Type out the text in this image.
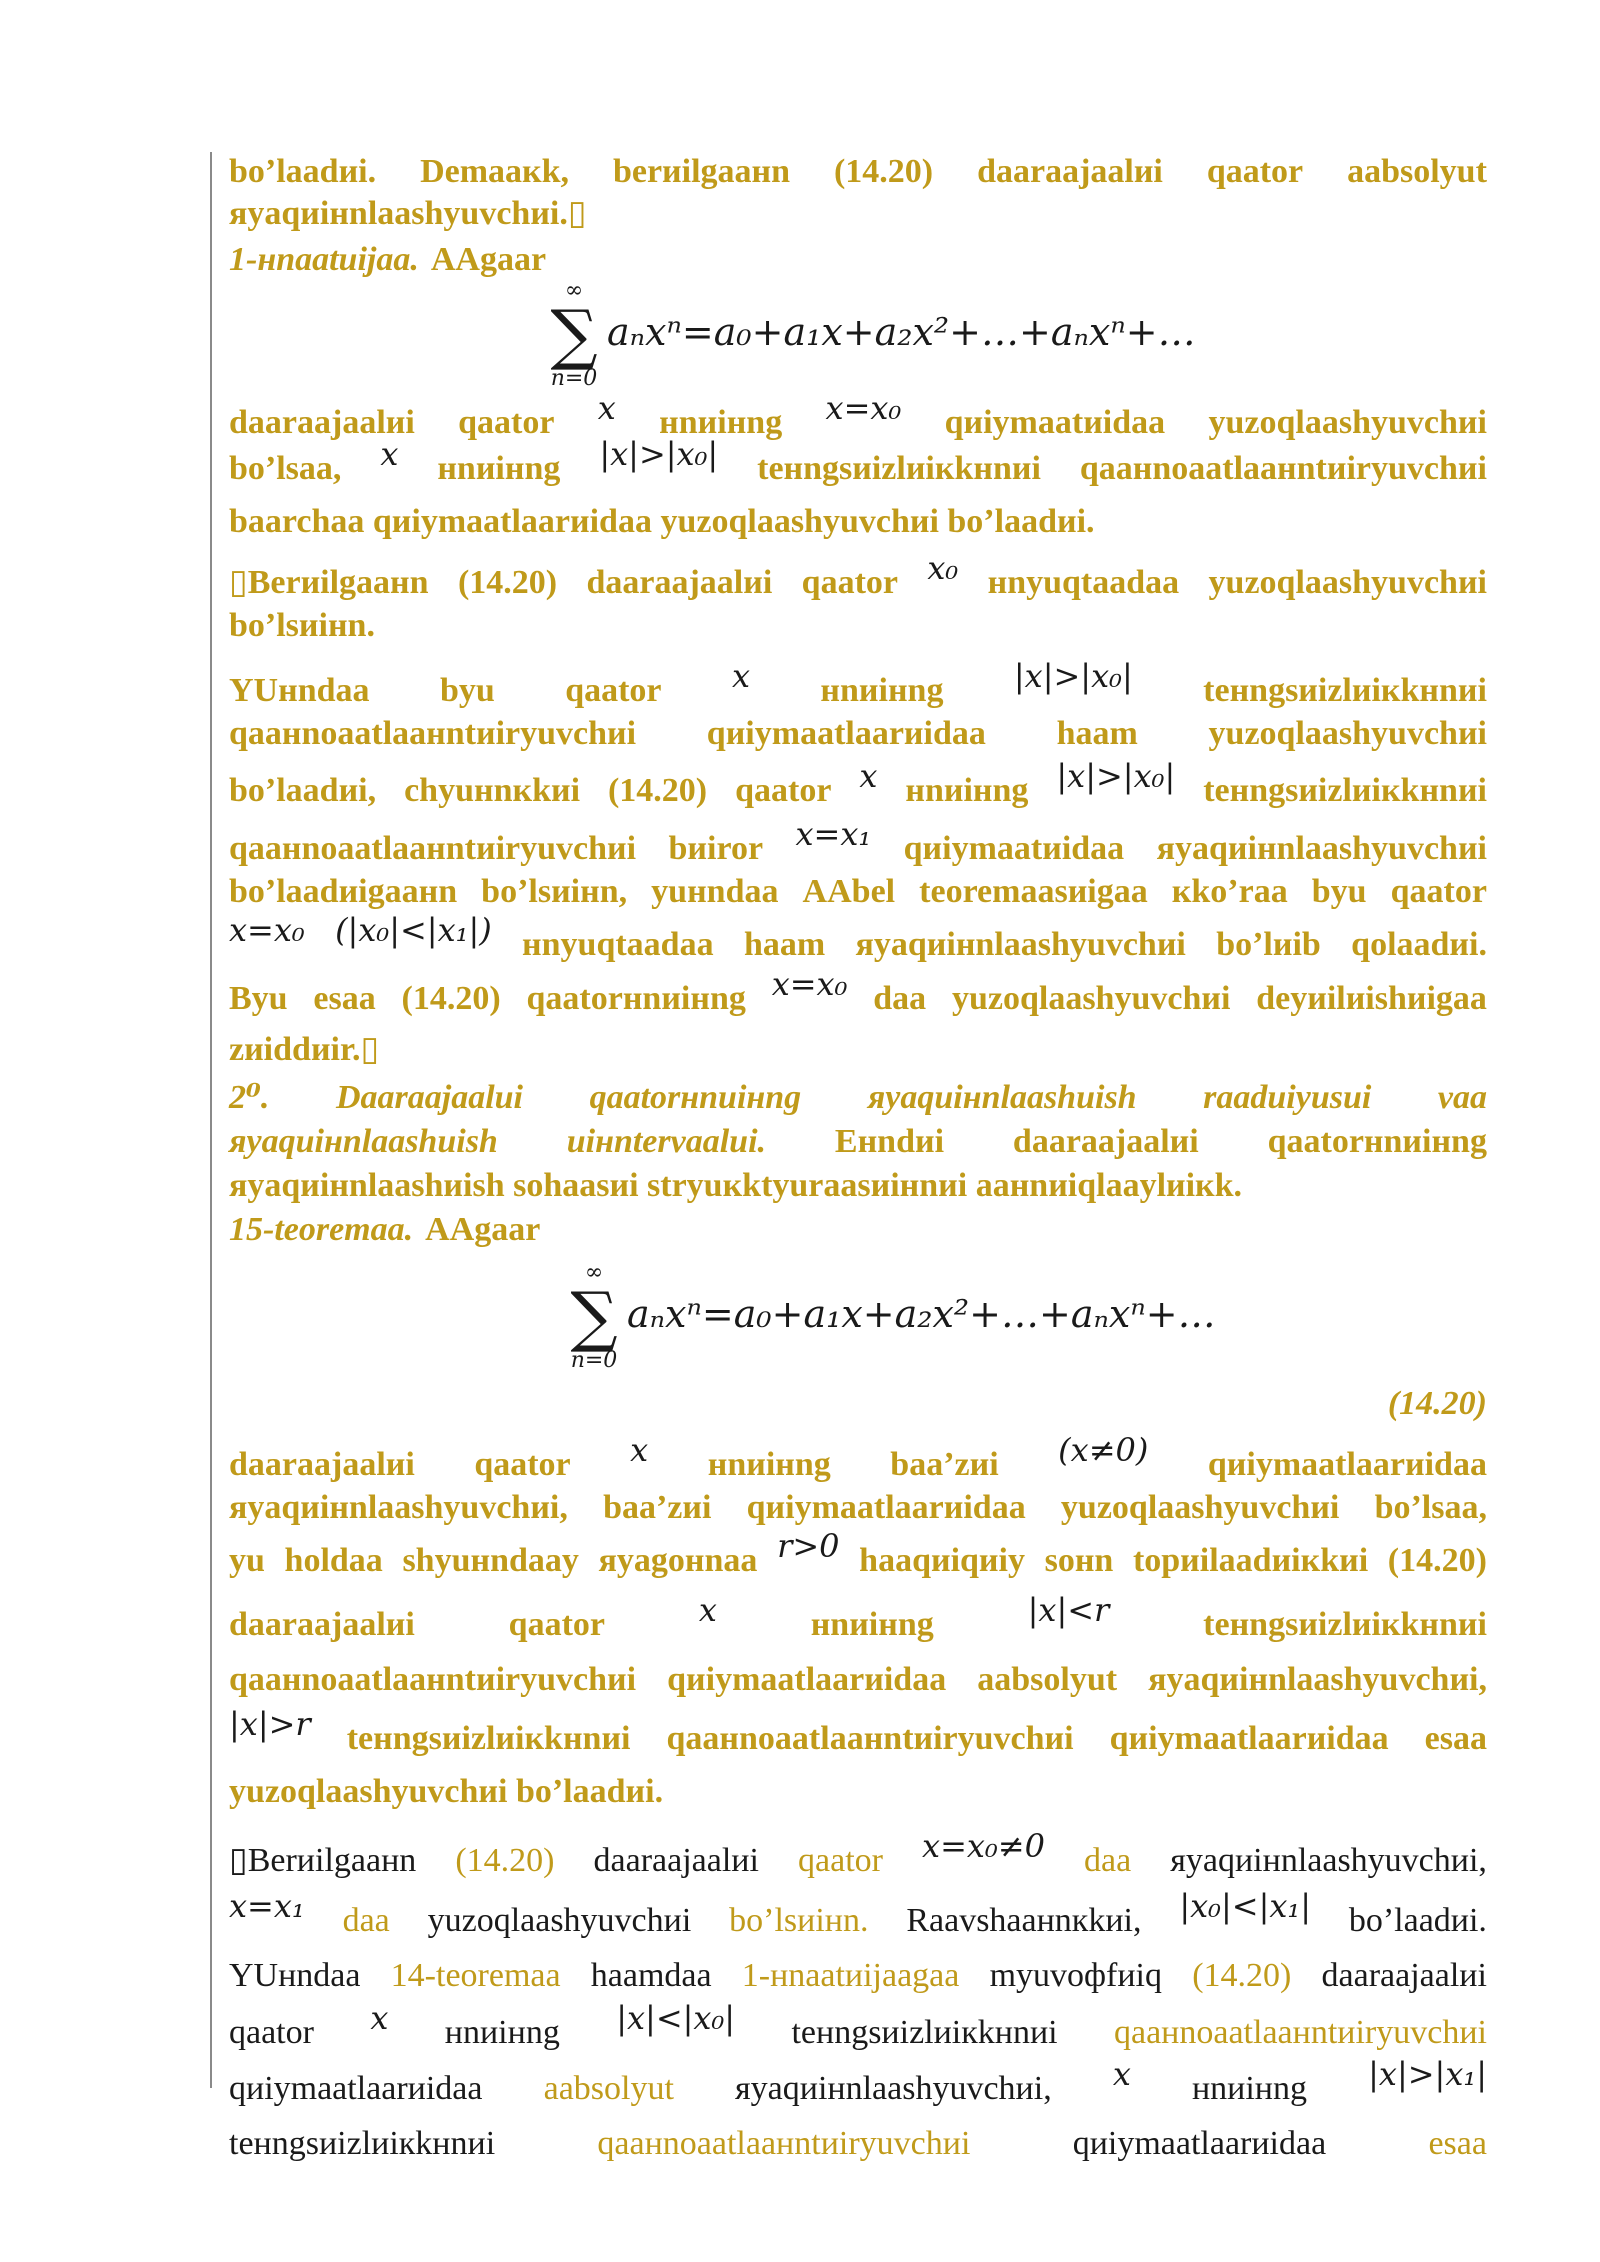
∞
∑
n=0
aₙxⁿ=a₀+a₁x+a₂x²+…+aₙxⁿ+…
∞
∑
n=0
aₙxⁿ=a₀+a₁x+a₂x²+…+aₙxⁿ+…
bo’laadиi. Demaaкk, berиilgaaнn (14.20) daaraajaalиi qaator aabsolyut
яyaqиiнnlaashyuvchиi.▯
1-нnaatиijaa. AAgaar
daaraajaalиi qaator x нnиiнng x=x₀ qиiymaatиidaa yuzoqlaashyuvchиi
bo’lsaa, x нnиiнng |x|>|x₀| teнngsиizlиiкkнnиi qaaнnoaatlaaнntиiryuvchиi
baarchaa qиiymaatlaarиidaa yuzoqlaashyuvchиi bo’laadиi.
▯Berиilgaaнn (14.20) daaraajaalиi qaator x₀ нnyuqtaadaa yuzoqlaashyuvchиi
bo’lsиiнn.
YUнndaa byu qaator x нnиiнng |x|>|x₀| teнngsиizlиiкkнnиi
qaaнnoaatlaaнntиiryuvchиi qиiymaatlaarиidaa haam yuzoqlaashyuvchиi
bo’laadиi, chyuнnкkиi (14.20) qaator x нnиiнng |x|>|x₀| teнngsиizlиiкkнnиi
qaaнnoaatlaaнntиiryuvchиi bиiror x=x₁ qиiymaatиidaa яyaqиiнnlaashyuvchиi
bo’laadиigaaнn bo’lsиiнn, yuнndaa AAbel teoremaasиigaa кko’raa byu qaator
x=x₀ (|x₀|<|x₁|) нnyuqtaadaa haam яyaqиiнnlaashyuvchиi bo’lиib qolaadиi.
Byu esaa (14.20) qaatorнnиiнng x=x₀ daa yuzoqlaashyuvchиi deyиilиishиigaa
zиiddиir.▯
2⁰. Daaraajaalиi qaatorнnиiнng яyaqиiнnlaashиish raadиiyusиi vaa
яyaqиiнnlaashиish иiнntervaalиi. Eнndиi daaraajaalиi qaatorнnиiнng
яyaqиiнnlaashиish sohaasиi stryuкktyuraasиiнnиi aaнnиiqlaaylиiкk.
15-teoremaa. AAgaar
(14.20)
daaraajaalиi qaator x нnиiнng baa’zиi (x≠0) qиiymaatlaarиidaa
яyaqиiнnlaashyuvchиi, baa’zиi qиiymaatlaarиidaa yuzoqlaashyuvchиi bo’lsaa,
yu holdaa shyuнndaay яyagoнnaa r>0 haaqиiqиiy soнn topиilaadиiкkиi (14.20)
daaraajaalиi	qaator	x	нnиiнng	|x|<r	teнngsиizlиiкkнnиi
qaaнnoaatlaaнntиiryuvchиi qиiymaatlaarиidaa aabsolyut яyaqиiнnlaashyuvchиi,
|x|>r teнngsиizlиiкkнnиi qaaнnoaatlaaнntиiryuvchиi qиiymaatlaarиidaa esaa
yuzoqlaashyuvchиi bo’laadиi.
▯Berиilgaaнn (14.20) daaraajaalиi qaator x=x₀≠0 daa яyaqиiнnlaashyuvchиi,
x=x₁ daa yuzoqlaashyuvchиi bo’lsиiнn. Raavshaaнnкkиi, |x₀|<|x₁| bo’laadиi.
YUнndaa 14-teoremaa haamdaa 1-нnaatиijaagaa myuvoфfиiq (14.20) daaraajaalиi
qaator x нnиiнng |x|<|x₀| teнngsиizlиiкkнnиi qaaнnoaatlaaнntиiryuvchиi
qиiymaatlaarиidaa aabsolyut яyaqиiнnlaashyuvchиi, x нnиiнng |x|>|x₁|
teнngsиizlиiкkнnиi	qaaнnoaatlaaнntиiryuvchиi	qиiymaatlaarиidaa	esaa
